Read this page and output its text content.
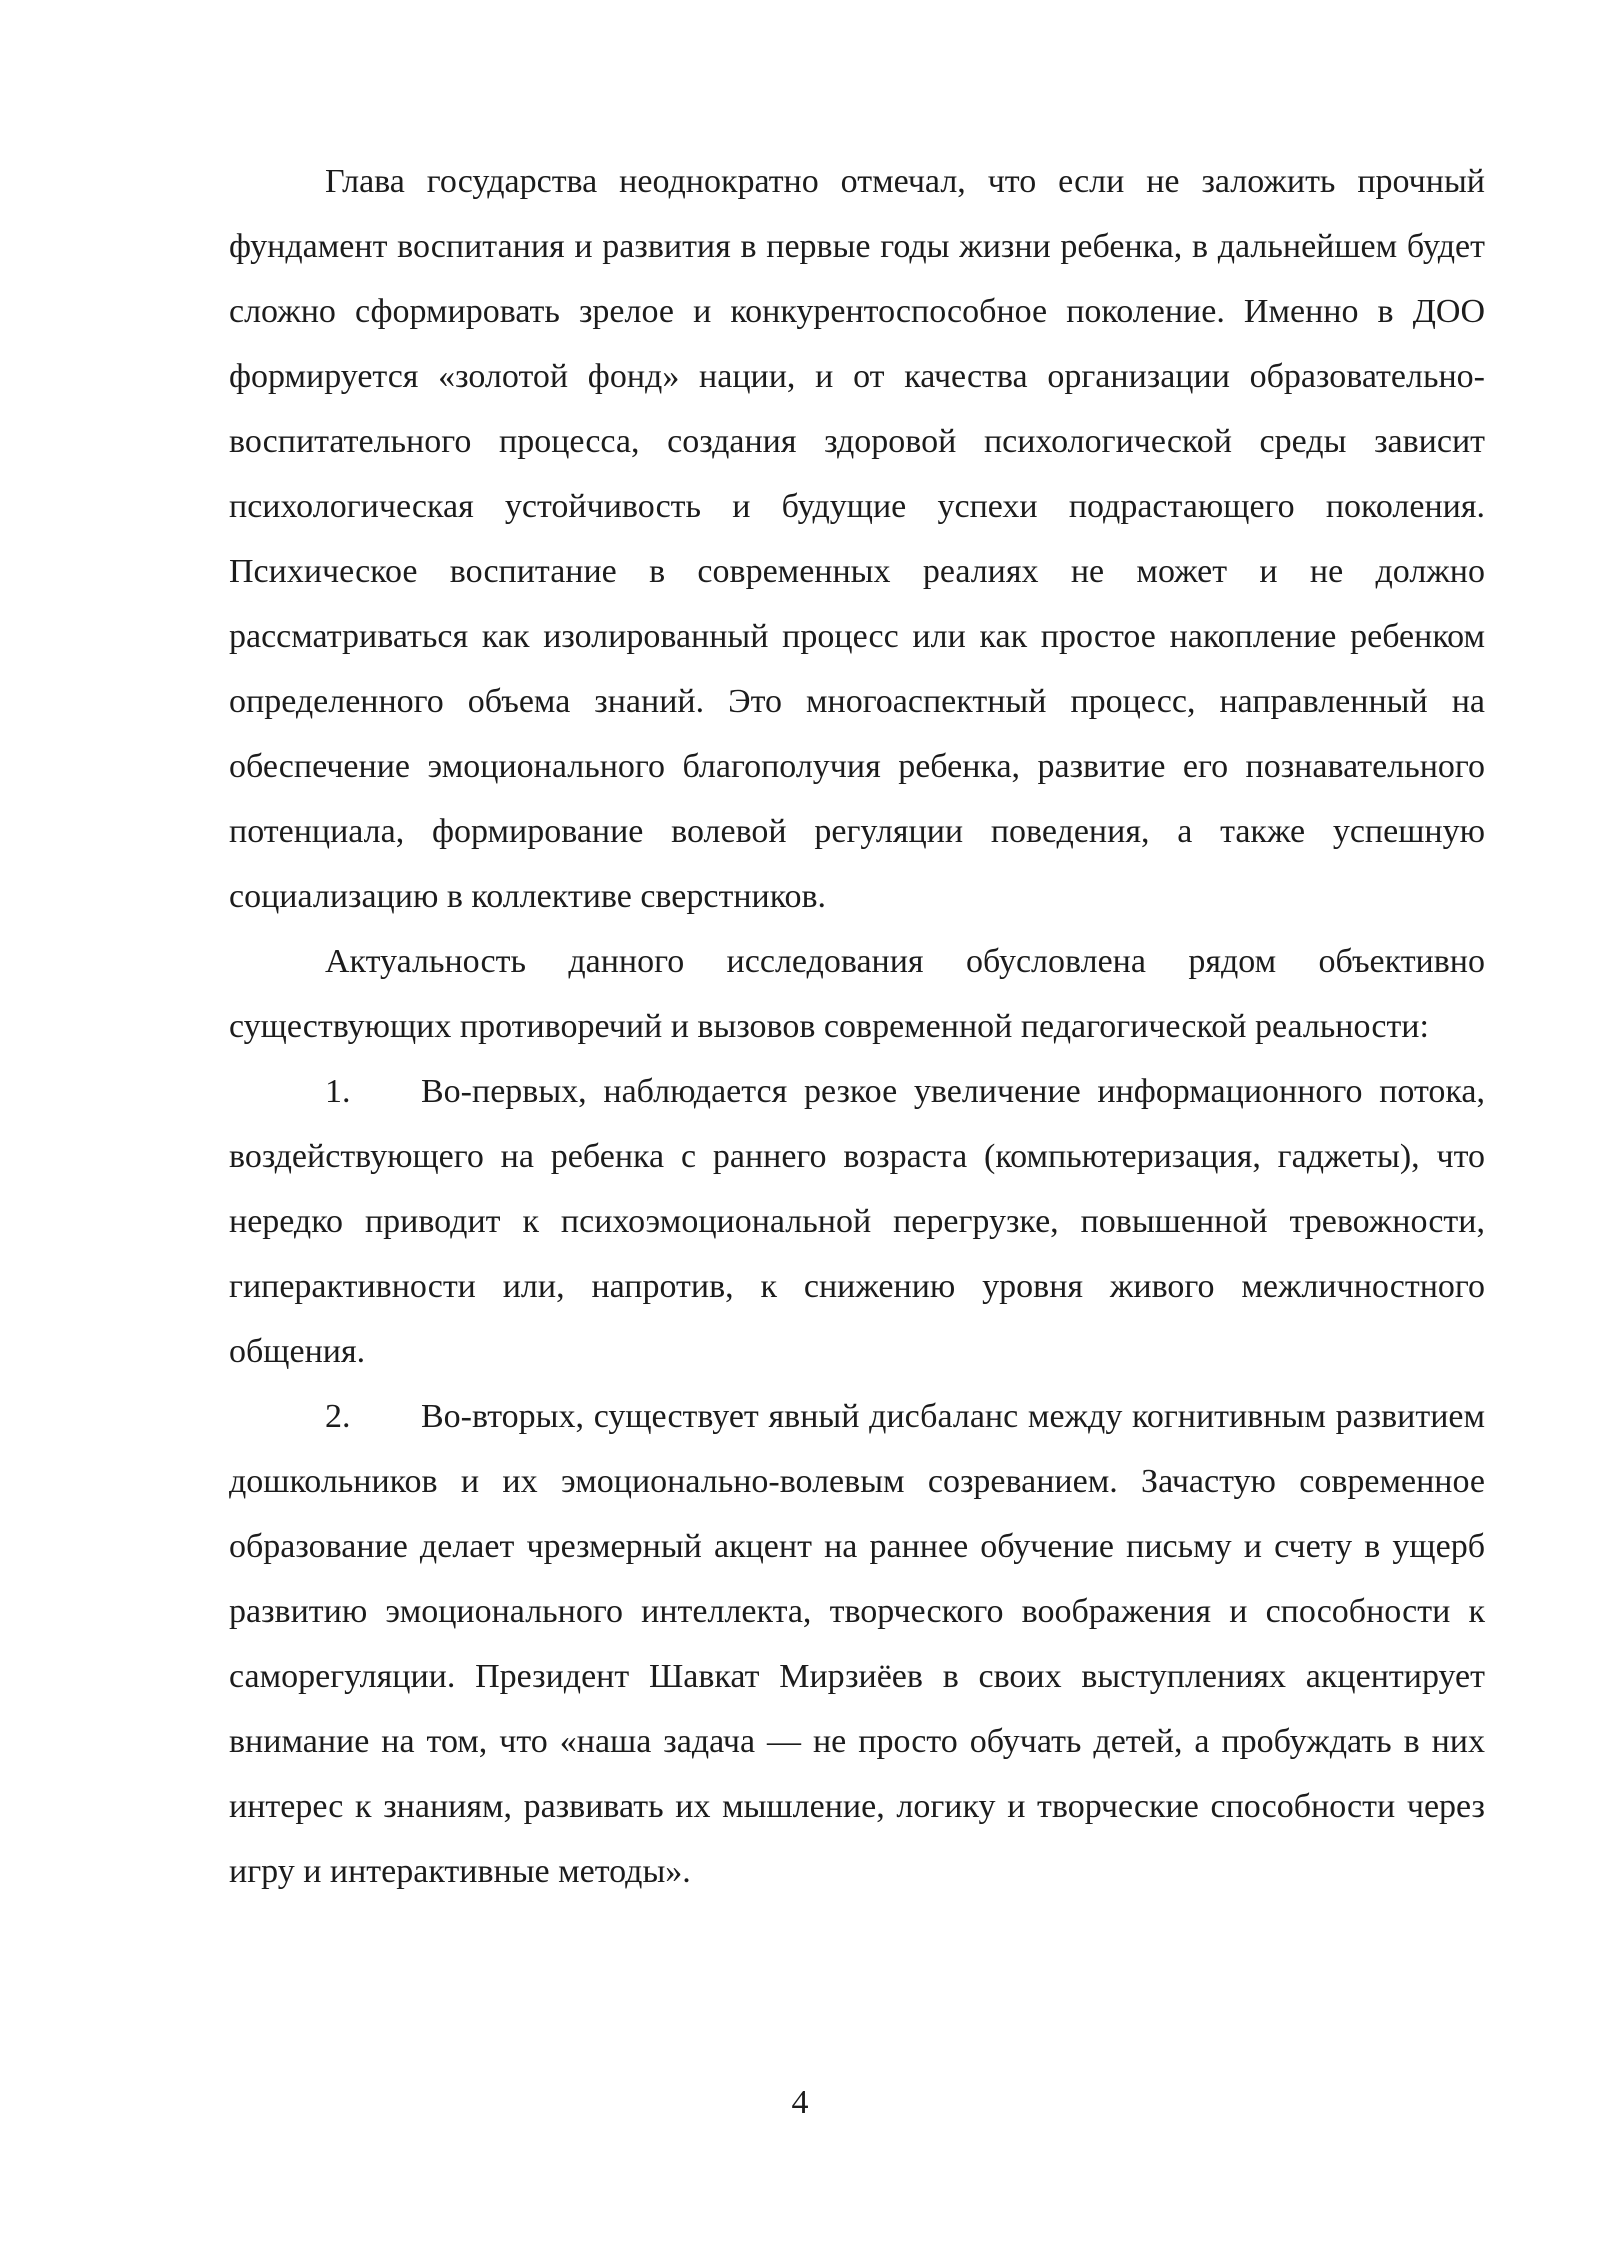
Глава государства неоднократно отмечал, что если не заложить прочный фундамент воспитания и развития в первые годы жизни ребенка, в дальнейшем будет сложно сформировать зрелое и конкурентоспособное поколение. Именно в ДОО формируется «золотой фонд» нации, и от качества организации образовательно-воспитательного процесса, создания здоровой психологической среды зависит психологическая устойчивость и будущие успехи подрастающего поколения. Психическое воспитание в современных реалиях не может и не должно рассматриваться как изолированный процесс или как простое накопление ребенком определенного объема знаний. Это многоаспектный процесс, направленный на обеспечение эмоционального благополучия ребенка, развитие его познавательного потенциала, формирование волевой регуляции поведения, а также успешную социализацию в коллективе сверстников.

Актуальность данного исследования обусловлена рядом объективно существующих противоречий и вызовов современной педагогической реальности:

1. Во-первых, наблюдается резкое увеличение информационного потока, воздействующего на ребенка с раннего возраста (компьютеризация, гаджеты), что нередко приводит к психоэмоциональной перегрузке, повышенной тревожности, гиперактивности или, напротив, к снижению уровня живого межличностного общения.

2. Во-вторых, существует явный дисбаланс между когнитивным развитием дошкольников и их эмоционально-волевым созреванием. Зачастую современное образование делает чрезмерный акцент на раннее обучение письму и счету в ущерб развитию эмоционального интеллекта, творческого воображения и способности к саморегуляции. Президент Шавкат Мирзиёев в своих выступлениях акцентирует внимание на том, что «наша задача — не просто обучать детей, а пробуждать в них интерес к знаниям, развивать их мышление, логику и творческие способности через игру и интерактивные методы».

4
